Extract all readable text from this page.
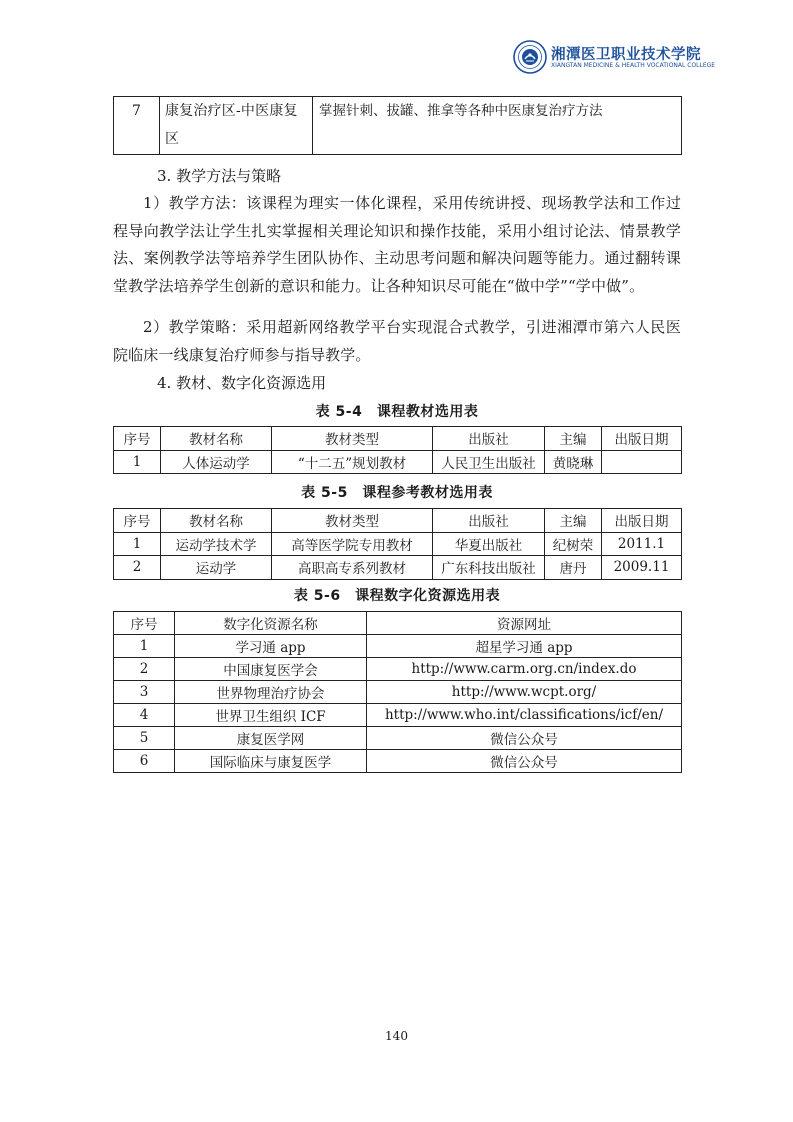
湘潭医卫职业技术学院
XIANGTAN MEDICINE & HEALTH VOCATIONAL COLLEGE
7	康复治疗区-中医康复
区
	掌握针刺、拔罐、推拿等各种中医康复治疗方法

3. 教学方法与策略

1）教学方法：该课程为理实一体化课程，采用传统讲授、现场教学法和工作过程导向教学法让学生扎实掌握相关理论知识和操作技能，采用小组讨论法、情景教学法、案例教学法等培养学生团队协作、主动思考问题和解决问题等能力。通过翻转课堂教学法培养学生创新的意识和能力。让各种知识尽可能在“做中学”“学中做”。

2）教学策略：采用超新网络教学平台实现混合式教学，引进湘潭市第六人民医院临床一线康复治疗师参与指导教学。

4. 教材、数字化资源选用

表 5-4　课程教材选用表
序号	教材名称	教材类型	出版社	主编	出版日期
1	人体运动学	“十二五”规划教材	人民卫生出版社	黄晓琳	
表 5-5　课程参考教材选用表
序号	教材名称	教材类型	出版社	主编	出版日期
1	运动学技术学	高等医学院专用教材	华夏出版社	纪树荣	2011.1
2	运动学	高职高专系列教材	广东科技出版社	唐丹	2009.11
表 5-6　课程数字化资源选用表
序号	数字化资源名称	资源网址
1	学习通 app	超星学习通 app
2	中国康复医学会	http://www.carm.org.cn/index.do
3	世界物理治疗协会	http://www.wcpt.org/
4	世界卫生组织 ICF	http://www.who.int/classifications/icf/en/
5	康复医学网	微信公众号
6	国际临床与康复医学	微信公众号
140
